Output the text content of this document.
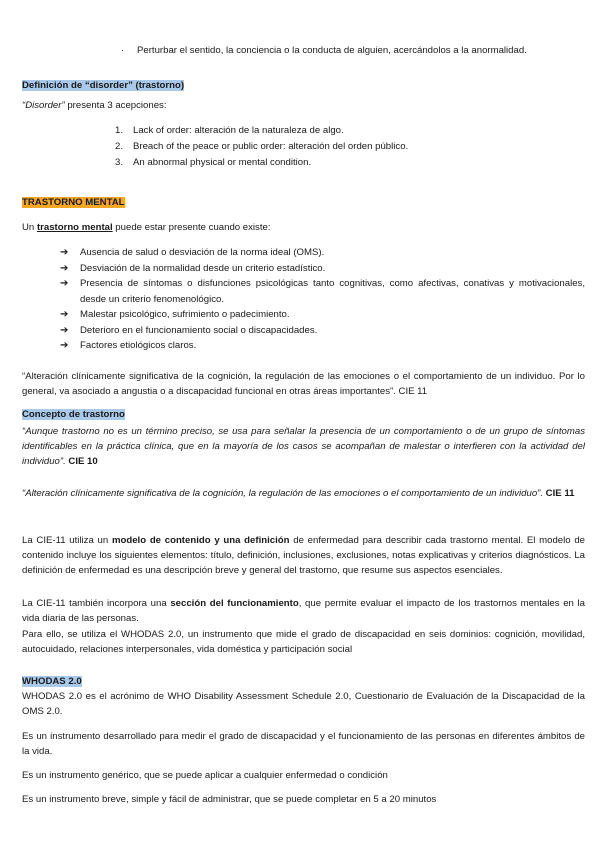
· Perturbar el sentido, la conciencia o la conducta de alguien, acercándolos a la anormalidad.
Definición de “disorder” (trastorno)
“Disorder” presenta 3 acepciones:
1. Lack of order: alteración de la naturaleza de algo.
2. Breach of the peace or public order: alteración del orden público.
3. An abnormal physical or mental condition.
TRASTORNO MENTAL
Un trastorno mental puede estar presente cuando existe:
➔ Ausencia de salud o desviación de la norma ideal (OMS).
➔ Desviación de la normalidad desde un criterio estadístico.
➔ Presencia de síntomas o disfunciones psicológicas tanto cognitivas, como afectivas, conativas y motivacionales, desde un criterio fenomenológico.
➔ Malestar psicológico, sufrimiento o padecimiento.
➔ Deterioro en el funcionamiento social o discapacidades.
➔ Factores etiológicos claros.
“Alteración clínicamente significativa de la cognición, la regulación de las emociones o el comportamiento de un individuo. Por lo general, va asociado a angustia o a discapacidad funcional en otras áreas importantes”. CIE 11
Concepto de trastorno
“Aunque trastorno no es un término preciso, se usa para señalar la presencia de un comportamiento o de un grupo de síntomas identificables en la práctica clínica, que en la mayoría de los casos se acompañan de malestar o interfieren con la actividad del individuo”. CIE 10
“Alteración clínicamente significativa de la cognición, la regulación de las emociones o el comportamiento de un individuo”. CIE 11
La CIE-11 utiliza un modelo de contenido y una definición de enfermedad para describir cada trastorno mental. El modelo de contenido incluye los siguientes elementos: título, definición, inclusiones, exclusiones, notas explicativas y criterios diagnósticos. La definición de enfermedad es una descripción breve y general del trastorno, que resume sus aspectos esenciales.
La CIE-11 también incorpora una sección del funcionamiento, que permite evaluar el impacto de los trastornos mentales en la vida diaria de las personas.
Para ello, se utiliza el WHODAS 2.0, un instrumento que mide el grado de discapacidad en seis dominios: cognición, movilidad, autocuidado, relaciones interpersonales, vida doméstica y participación social
WHODAS 2.0
WHODAS 2.0 es el acrónimo de WHO Disability Assessment Schedule 2.0, Cuestionario de Evaluación de la Discapacidad de la OMS 2.0.
Es un instrumento desarrollado para medir el grado de discapacidad y el funcionamiento de las personas en diferentes ámbitos de la vida.
Es un instrumento genérico, que se puede aplicar a cualquier enfermedad o condición
Es un instrumento breve, simple y fácil de administrar, que se puede completar en 5 a 20 minutos
